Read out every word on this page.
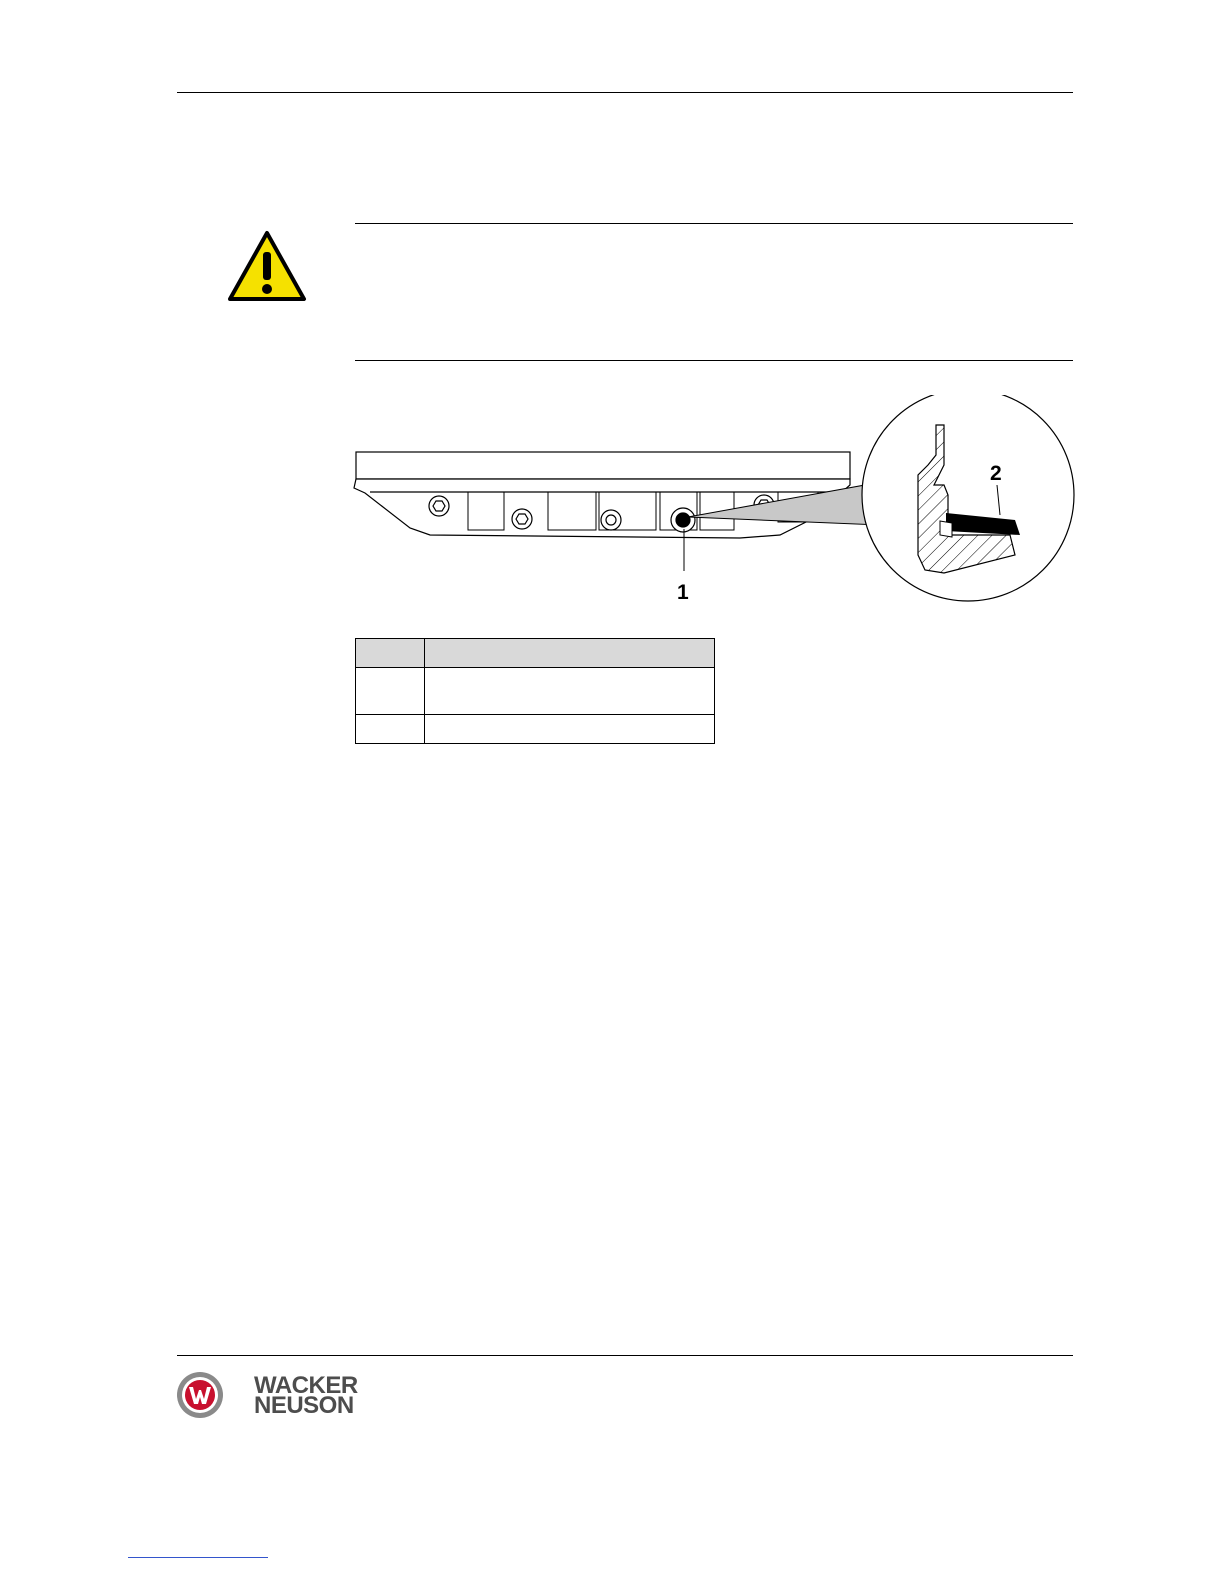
2
1

WACKER
NEUSON
